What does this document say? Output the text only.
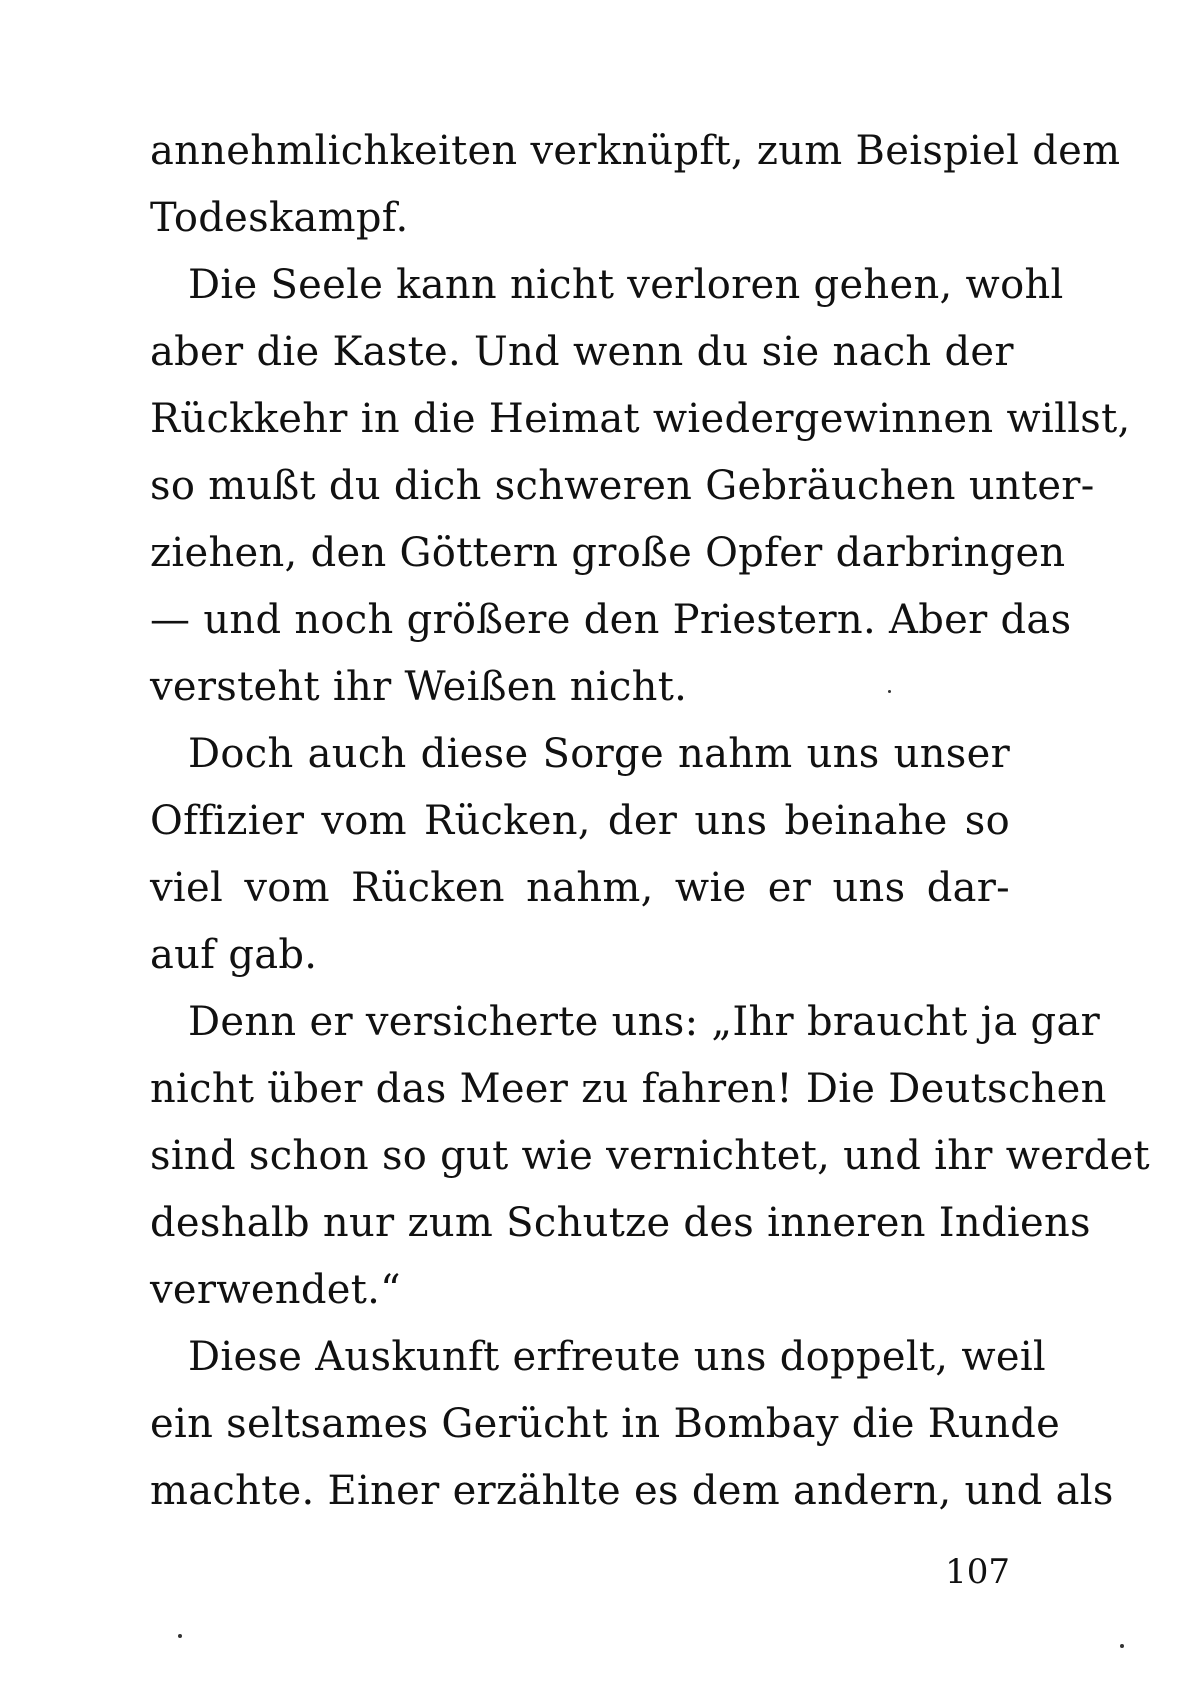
annehmlichkeiten verknüpft, zum Beispiel dem
Todeskampf.
Die Seele kann nicht verloren gehen, wohl
aber die Kaste. Und wenn du sie nach der
Rückkehr in die Heimat wiedergewinnen willst,
so mußt du dich schweren Gebräuchen unter-
ziehen, den Göttern große Opfer darbringen
— und noch größere den Priestern. Aber das
versteht ihr Weißen nicht.
Doch auch diese Sorge nahm uns unser
Offizier vom Rücken, der uns beinahe so
viel vom Rücken nahm, wie er uns dar-
auf gab.
Denn er versicherte uns: „Ihr braucht ja gar
nicht über das Meer zu fahren! Die Deutschen
sind schon so gut wie vernichtet, und ihr werdet
deshalb nur zum Schutze des inneren Indiens
verwendet.“
Diese Auskunft erfreute uns doppelt, weil
ein seltsames Gerücht in Bombay die Runde
machte. Einer erzählte es dem andern, und als
107
